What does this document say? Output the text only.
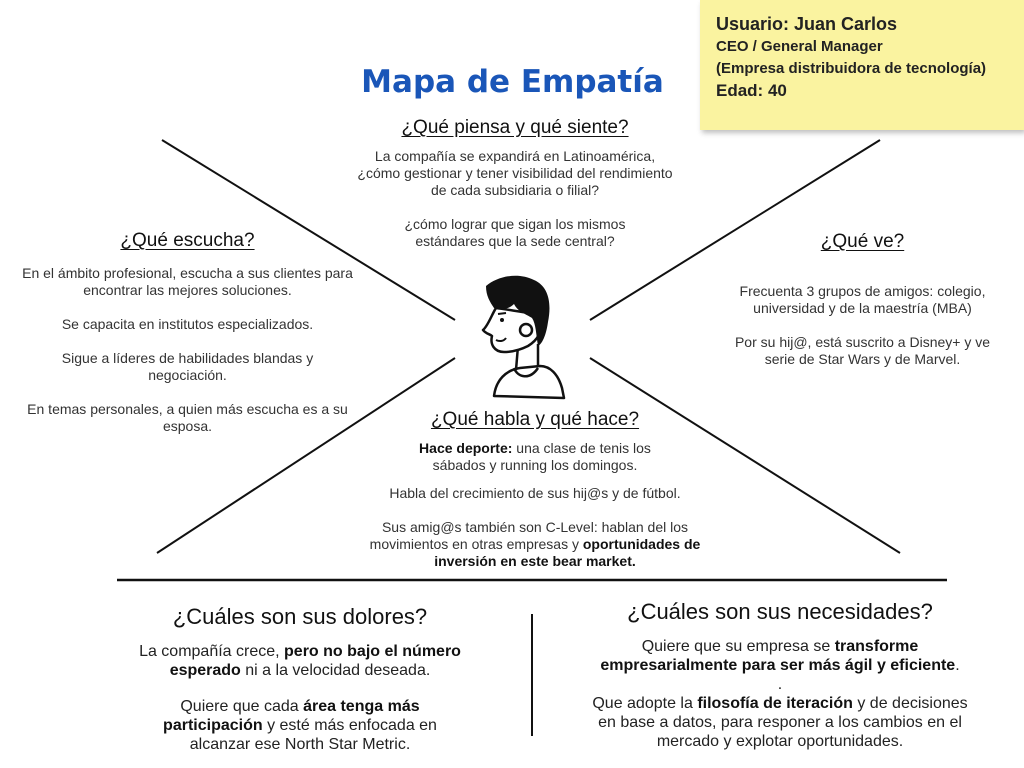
Mapa de Empatía
Usuario: Juan Carlos
CEO / General Manager
(Empresa distribuidora de tecnología)
Edad: 40
¿Qué piensa y qué siente?

La compañía se expandirá en Latinoamérica, ¿cómo gestionar y tener visibilidad del rendimiento de cada subsidiaria o filial?

¿cómo lograr que sigan los mismos estándares que la sede central?

¿Qué escucha?

En el ámbito profesional, escucha a sus clientes para encontrar las mejores soluciones.

Se capacita en institutos especializados.

Sigue a líderes de habilidades blandas y negociación.

En temas personales, a quien más escucha es a su esposa.

¿Qué ve?

Frecuenta 3 grupos de amigos: colegio, universidad y de la maestría (MBA)

Por su hij@, está suscrito a Disney+ y ve serie de Star Wars y de Marvel.

¿Qué habla y qué hace?

Hace deporte: una clase de tenis los sábados y running los domingos.

Habla del crecimiento de sus hij@s y de fútbol.

Sus amig@s también son C-Level: hablan del los movimientos en otras empresas y oportunidades de inversión en este bear market.

¿Cuáles son sus dolores?

La compañía crece, pero no bajo el número esperado ni a la velocidad deseada.

Quiere que cada área tenga más participación y esté más enfocada en alcanzar ese North Star Metric.

¿Cuáles son sus necesidades?

Quiere que su empresa se transforme empresarialmente para ser más ágil y eficiente.

.

Que adopte la filosofía de iteración y de decisiones en base a datos, para responer a los cambios en el mercado y explotar oportunidades.
